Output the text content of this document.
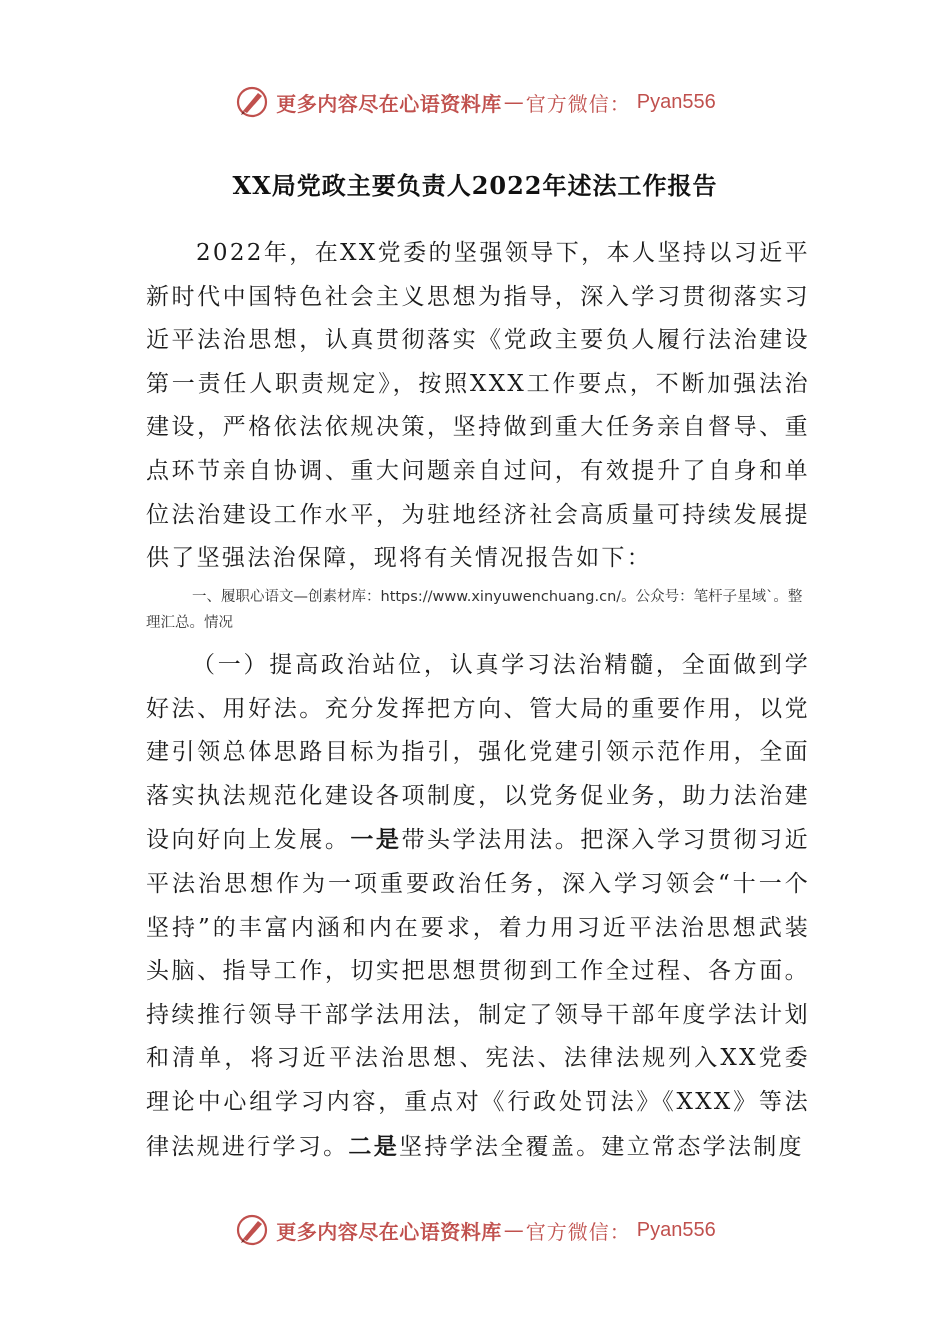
更多内容尽在心语资料库 — 官方微信： Pyan556
XX局党政主要负责人2022年述法工作报告

2022年，在XX党委的坚强领导下，本人坚持以习近平新时代中国特色社会主义思想为指导，深入学习贯彻落实习近平法治思想，认真贯彻落实《党政主要负人履行法治建设第一责任人职责规定》，按照XXX工作要点，不断加强法治建设，严格依法依规决策，坚持做到重大任务亲自督导、重点环节亲自协调、重大问题亲自过问，有效提升了自身和单位法治建设工作水平，为驻地经济社会高质量可持续发展提供了坚强法治保障，现将有关情况报告如下：

一、履职心语文—创素材库：https://www.xinyuwenchuang.cn/。公众号：笔杆子星域`。整理汇总。情况

（一）提高政治站位，认真学习法治精髓，全面做到学好法、用好法。充分发挥把方向、管大局的重要作用，以党建引领总体思路目标为指引，强化党建引领示范作用，全面落实执法规范化建设各项制度，以党务促业务，助力法治建设向好向上发展。一是带头学法用法。把深入学习贯彻习近平法治思想作为一项重要政治任务，深入学习领会“十一个坚持”的丰富内涵和内在要求，着力用习近平法治思想武装头脑、指导工作，切实把思想贯彻到工作全过程、各方面。持续推行领导干部学法用法，制定了领导干部年度学法计划和清单，将习近平法治思想、宪法、法律法规列入XX党委理论中心组学习内容，重点对《行政处罚法》《XXX》等法律法规进行学习。二是坚持学法全覆盖。建立常态学法制度

更多内容尽在心语资料库 — 官方微信： Pyan556
